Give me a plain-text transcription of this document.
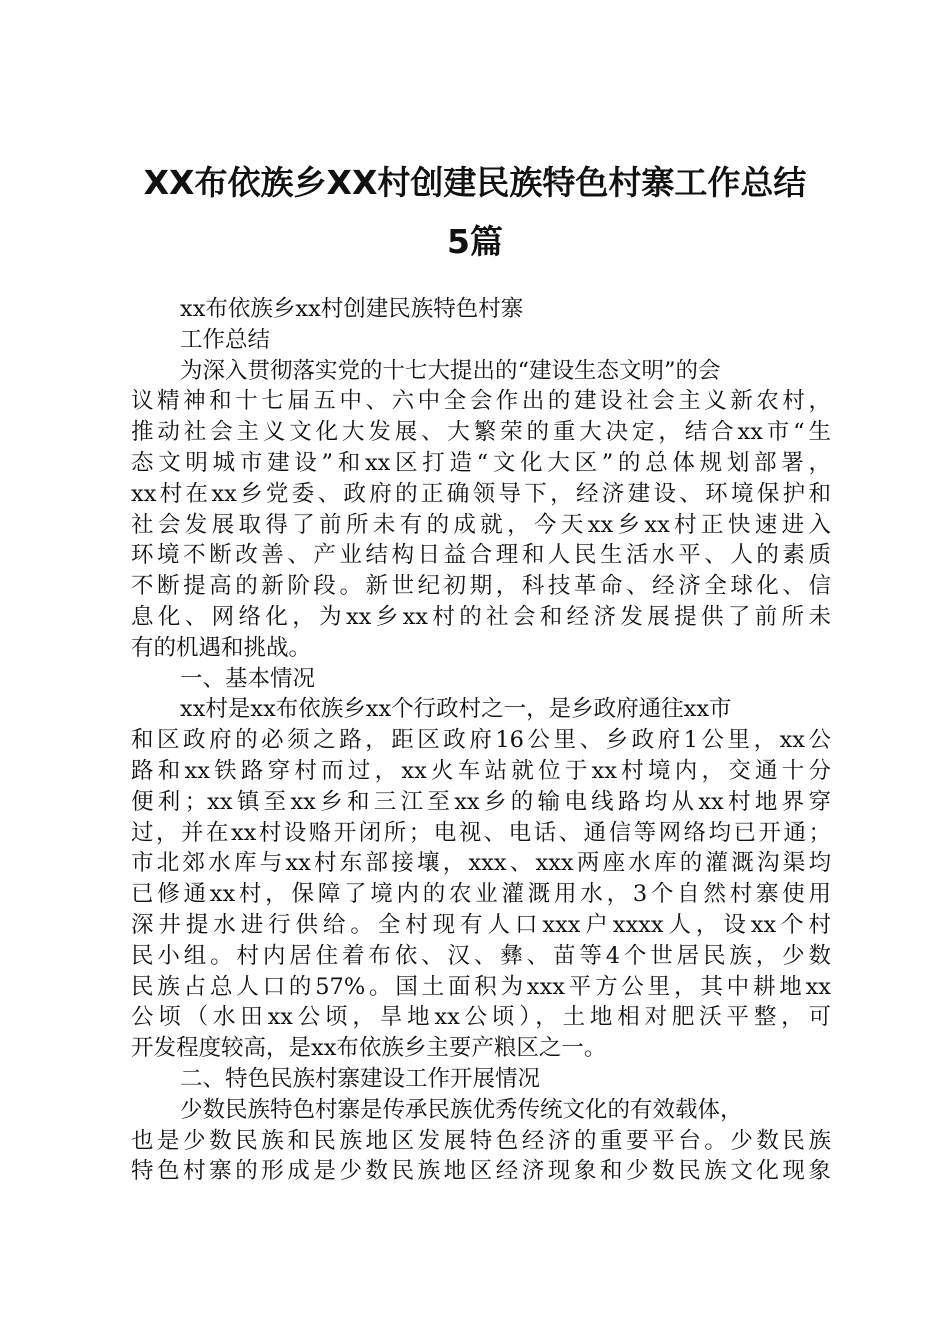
XX布依族乡XX村创建民族特色村寨工作总结
5篇
xx布依族乡xx村创建民族特色村寨
工作总结
为深入贯彻落实党的十七大提出的“建设生态文明”的会
议精神和十七届五中、六中全会作出的建设社会主义新农村，
推动社会主义文化大发展、大繁荣的重大决定，结合xx市“生
态文明城市建设”和xx区打造“文化大区”的总体规划部署，
xx村在xx乡党委、政府的正确领导下，经济建设、环境保护和
社会发展取得了前所未有的成就，今天xx乡xx村正快速进入
环境不断改善、产业结构日益合理和人民生活水平、人的素质
不断提高的新阶段。新世纪初期，科技革命、经济全球化、信
息化、网络化，为xx乡xx村的社会和经济发展提供了前所未
有的机遇和挑战。
一、基本情况
xx村是xx布依族乡xx个行政村之一，是乡政府通往xx市
和区政府的必须之路，距区政府16公里、乡政府1公里，xx公
路和xx铁路穿村而过，xx火车站就位于xx村境内，交通十分
便利；xx镇至xx乡和三江至xx乡的输电线路均从xx村地界穿
过，并在xx村设赂开闭所；电视、电话、通信等网络均已开通；
市北郊水库与xx村东部接壤，xxx、xxx两座水库的灌溉沟渠均
已修通xx村，保障了境内的农业灌溉用水，3个自然村寨使用
深井提水进行供给。全村现有人口xxx户xxxx人，设xx个村
民小组。村内居住着布依、汉、彝、苗等4个世居民族，少数
民族占总人口的57%。国土面积为xxx平方公里，其中耕地xx
公顷（水田xx公顷，旱地xx公顷），土地相对肥沃平整，可
开发程度较高，是xx布依族乡主要产粮区之一。
二、特色民族村寨建设工作开展情况
少数民族特色村寨是传承民族优秀传统文化的有效载体，
也是少数民族和民族地区发展特色经济的重要平台。少数民族
特色村寨的形成是少数民族地区经济现象和少数民族文化现象
